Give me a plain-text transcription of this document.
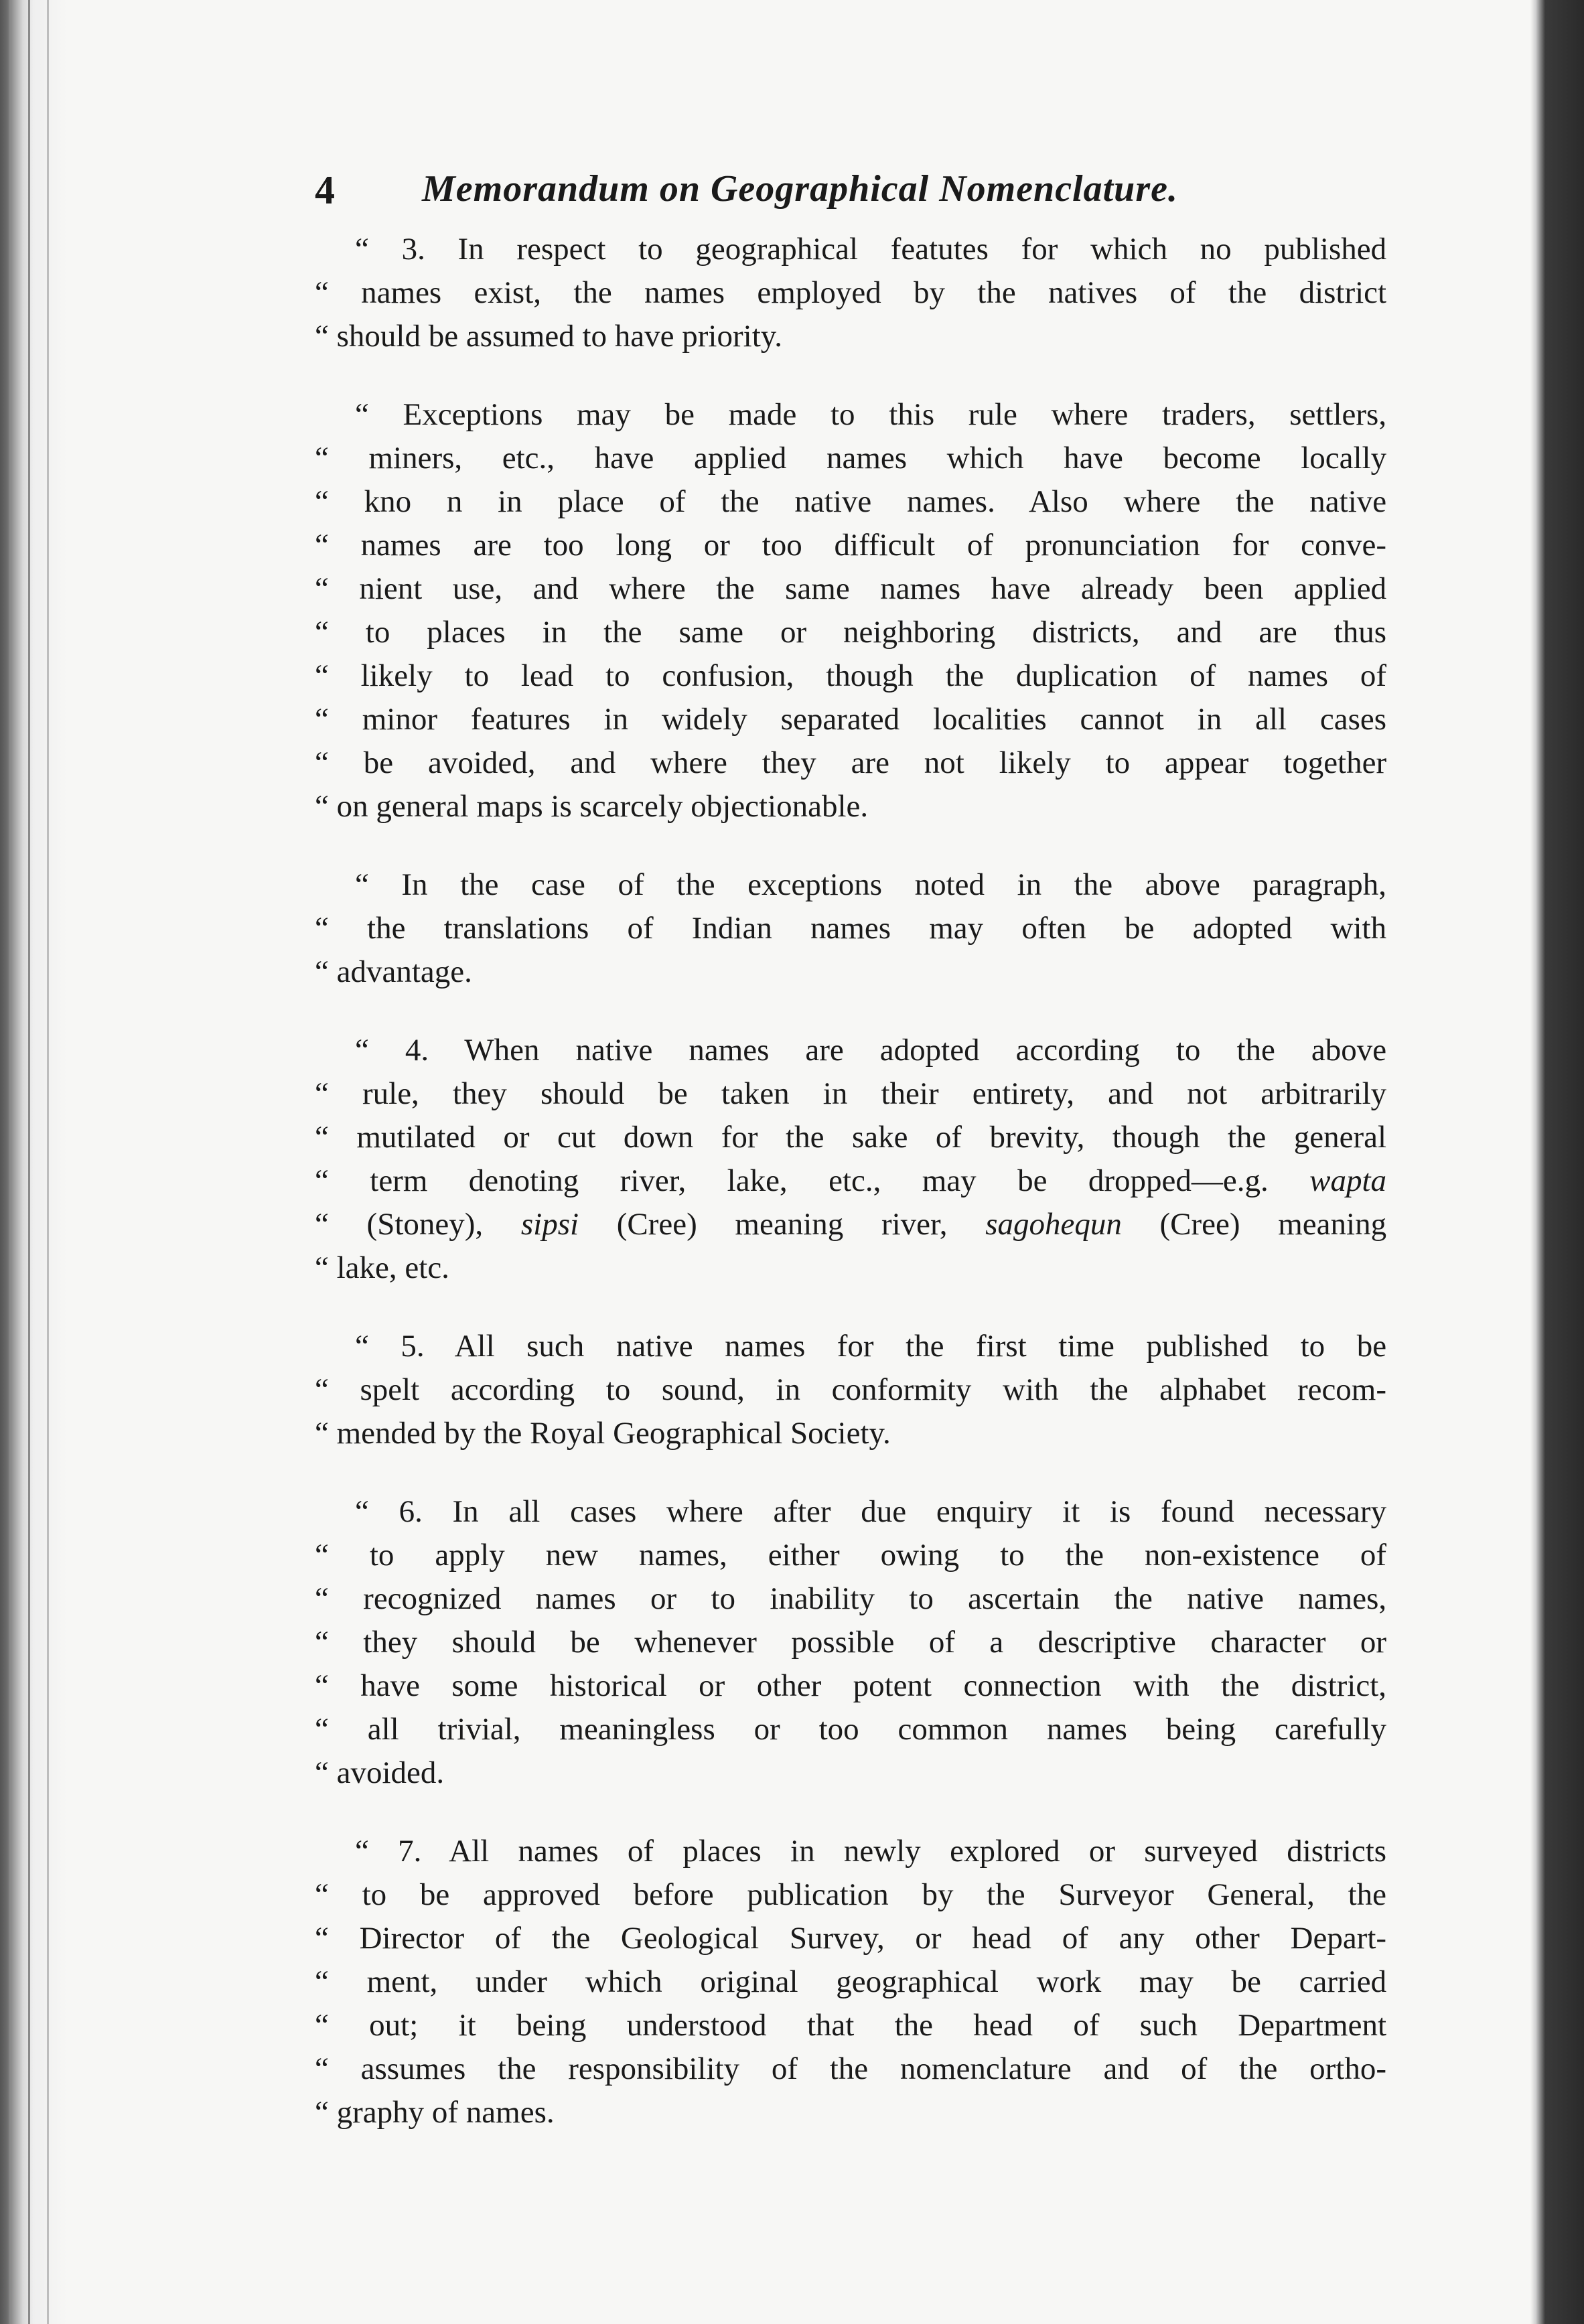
4 Memorandum on Geographical Nomenclature.
“ 3. In respect to geographical featutes for which no published
“ names exist, the names employed by the natives of the district
“ should be assumed to have priority.
“ Exceptions may be made to this rule where traders, settlers,
“ miners, etc., have applied names which have become locally
“ kno n in place of the native names. Also where the native
“ names are too long or too difficult of pronunciation for conve-
“ nient use, and where the same names have already been applied
“ to places in the same or neighboring districts, and are thus
“ likely to lead to confusion, though the duplication of names of
“ minor features in widely separated localities cannot in all cases
“ be avoided, and where they are not likely to appear together
“ on general maps is scarcely objectionable.
“ In the case of the exceptions noted in the above paragraph,
“ the translations of Indian names may often be adopted with
“ advantage.
“ 4. When native names are adopted according to the above
“ rule, they should be taken in their entirety, and not arbitrarily
“ mutilated or cut down for the sake of brevity, though the general
“ term denoting river, lake, etc., may be dropped—e.g. wapta
“ (Stoney), sipsi (Cree) meaning river, sagohequn (Cree) meaning
“ lake, etc.
“ 5. All such native names for the first time published to be
“ spelt according to sound, in conformity with the alphabet recom-
“ mended by the Royal Geographical Society.
“ 6. In all cases where after due enquiry it is found necessary
“ to apply new names, either owing to the non-existence of
“ recognized names or to inability to ascertain the native names,
“ they should be whenever possible of a descriptive character or
“ have some historical or other potent connection with the district,
“ all trivial, meaningless or too common names being carefully
“ avoided.
“ 7. All names of places in newly explored or surveyed districts
“ to be approved before publication by the Surveyor General, the
“ Director of the Geological Survey, or head of any other Depart-
“ ment, under which original geographical work may be carried
“ out; it being understood that the head of such Department
“ assumes the responsibility of the nomenclature and of the ortho-
“ graphy of names.
